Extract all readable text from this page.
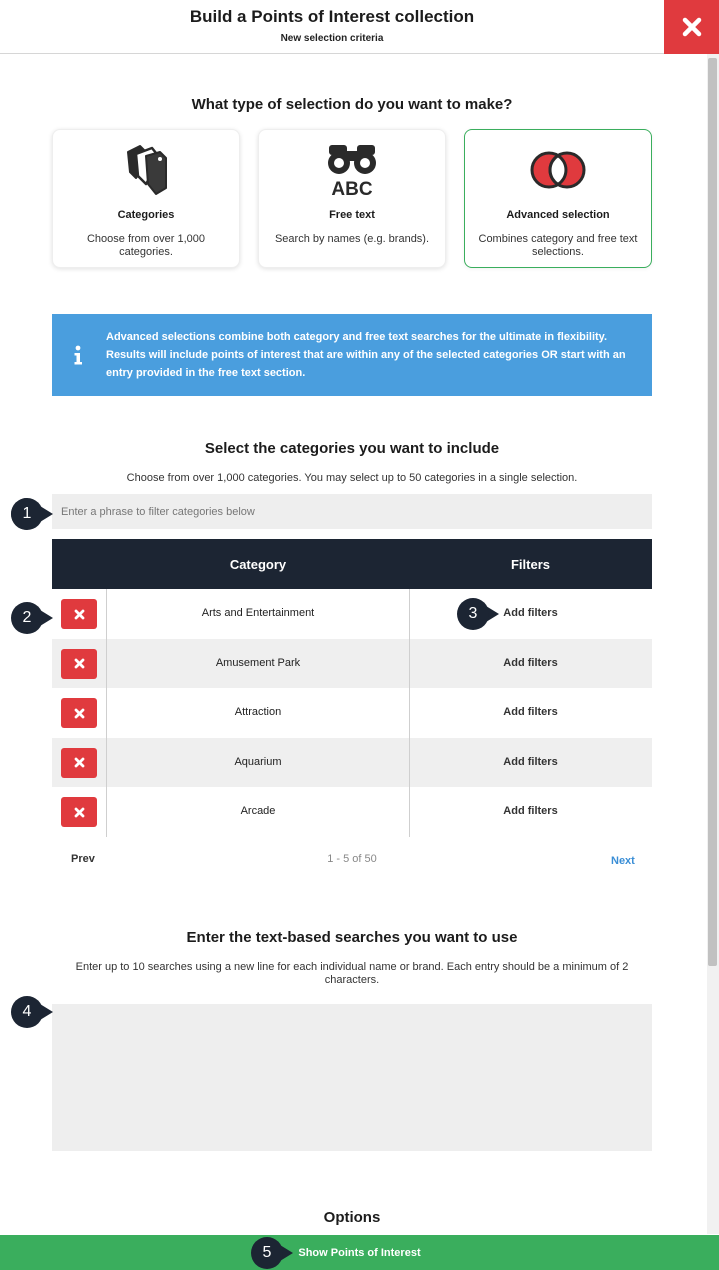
Build a Points of Interest collection
New selection criteria
What type of selection do you want to make?
Categories
Choose from over 1,000 categories.
ABC
Free text
Search by names (e.g. brands).
Advanced selection
Combines category and free text selections.
Advanced selections combine both category and free text searches for the ultimate in flexibility. Results will include points of interest that are within any of the selected categories OR start with an entry provided in the free text section.
Select the categories you want to include
Choose from over 1,000 categories. You may select up to 50 categories in a single selection.
Enter a phrase to filter categories below
Category	Filters
Arts and Entertainment	Add filters
Amusement Park	Add filters
Attraction	Add filters
Aquarium	Add filters
Arcade	Add filters
Prev	1 - 5 of 50	Next
Enter the text-based searches you want to use
Enter up to 10 searches using a new line for each individual name or brand. Each entry should be a minimum of 2 characters.
Options
Show Points of Interest
1
2	3
4
5
